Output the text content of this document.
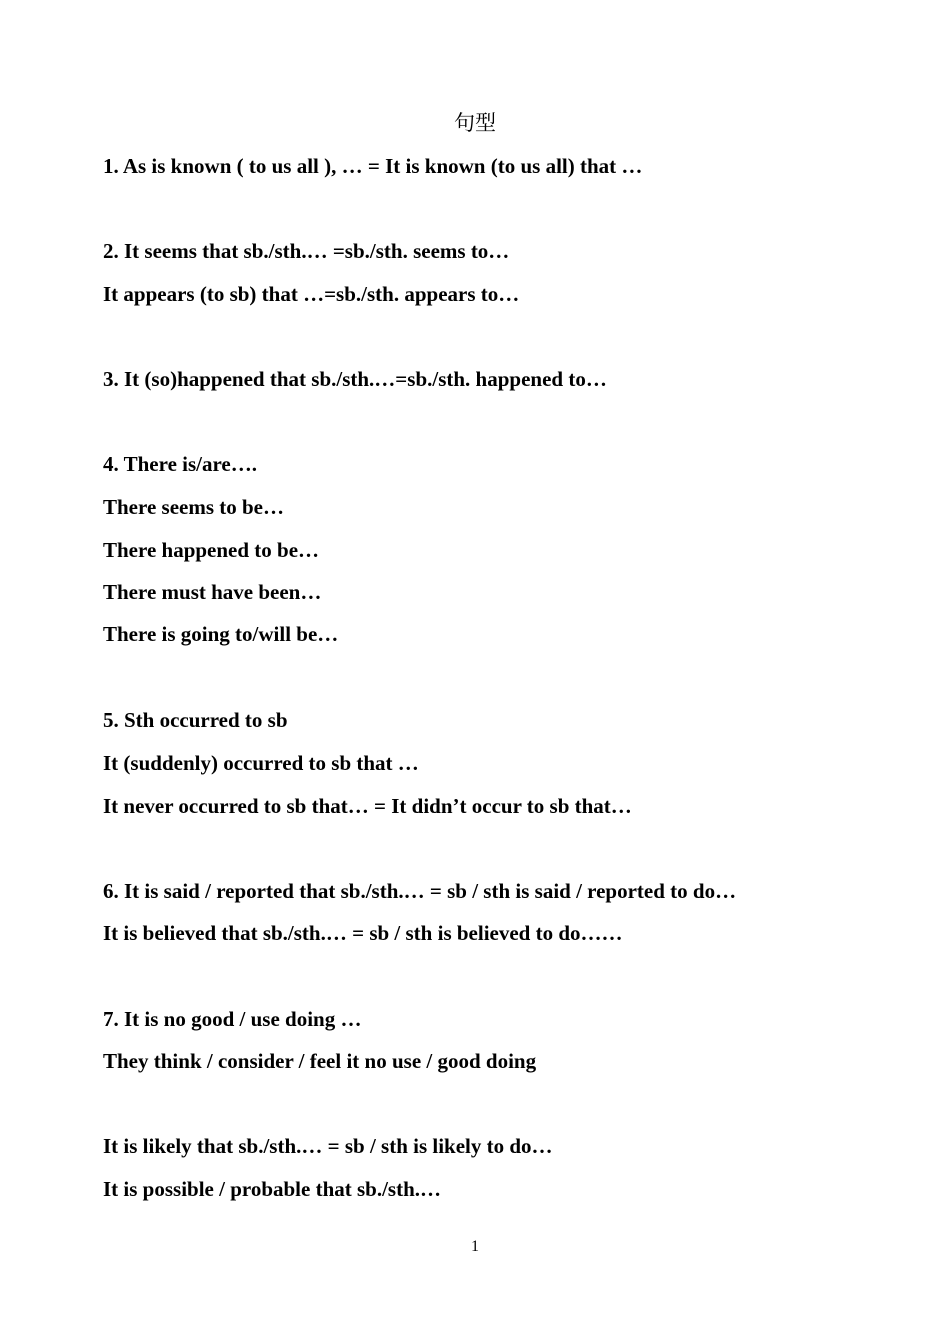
句型
1. As is known ( to us all ), … = It is known (to us all) that …
2. It seems that sb./sth.… =sb./sth. seems to…
It appears (to sb) that …=sb./sth. appears to…
3. It (so)happened that sb./sth.…=sb./sth. happened to…
4. There is/are….
There seems to be…
There happened to be…
There must have been…
There is going to/will be…
5. Sth occurred to sb
It (suddenly) occurred to sb that …
It never occurred to sb that… = It didn’t occur to sb that…
6. It is said / reported that sb./sth.… = sb / sth is said / reported to do…
It is believed that sb./sth.… = sb / sth is believed to do……
7. It is no good / use doing …
They think / consider / feel it no use / good doing
It is likely that sb./sth.… = sb / sth is likely to do…
It is possible / probable that sb./sth.…
1
